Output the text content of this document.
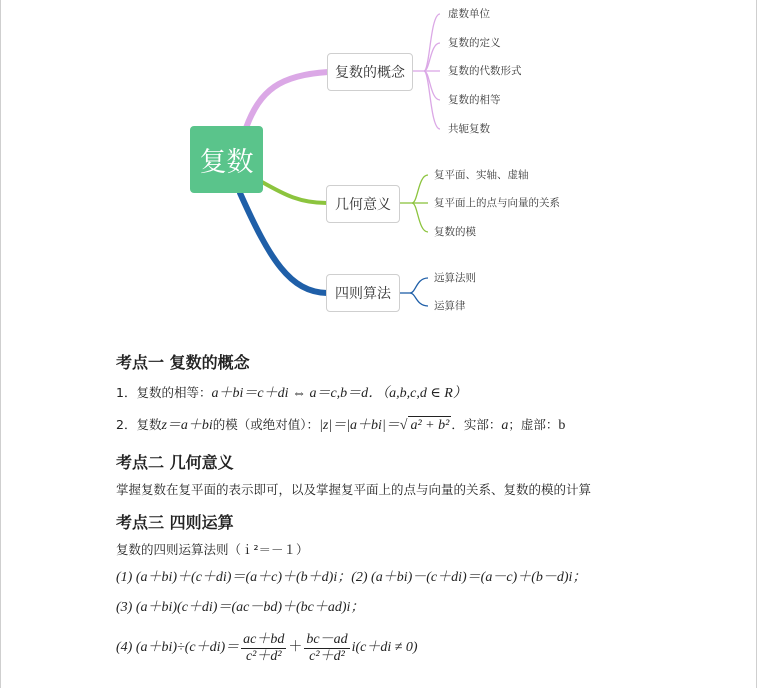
复数
复数的概念
几何意义
四则算法
虚数单位
复数的定义
复数的代数形式
复数的相等
共轭复数
复平面、实轴、虚轴
复平面上的点与向量的关系
复数的模
远算法则
运算律
考点一 复数的概念
1．复数的相等：a＋bi＝c＋di ⇔ a＝c,b＝d．（a,b,c,d ∈ R）
2．复数z＝a＋bi的模（或绝对值）：|z|＝|a＋bi|＝√ a² + b² ．实部：a；虚部：b
考点二 几何意义
掌握复数在复平面的表示即可，以及掌握复平面上的点与向量的关系、复数的模的计算
考点三 四则运算
复数的四则运算法则（ｉ²＝－１）
(1) (a＋bi)＋(c＋di)＝(a＋c)＋(b＋d)i；(2) (a＋bi)－(c＋di)＝(a－c)＋(b－d)i；
(3) (a＋bi)(c＋di)＝(ac－bd)＋(bc＋ad)i；
(4) $(a+bi)\div(c+di)= \frac{ac+bd}{\text{c²＋d²}} + \frac{bc-ad}{\text{c²＋d²}} i(c+di \ne 0)$
